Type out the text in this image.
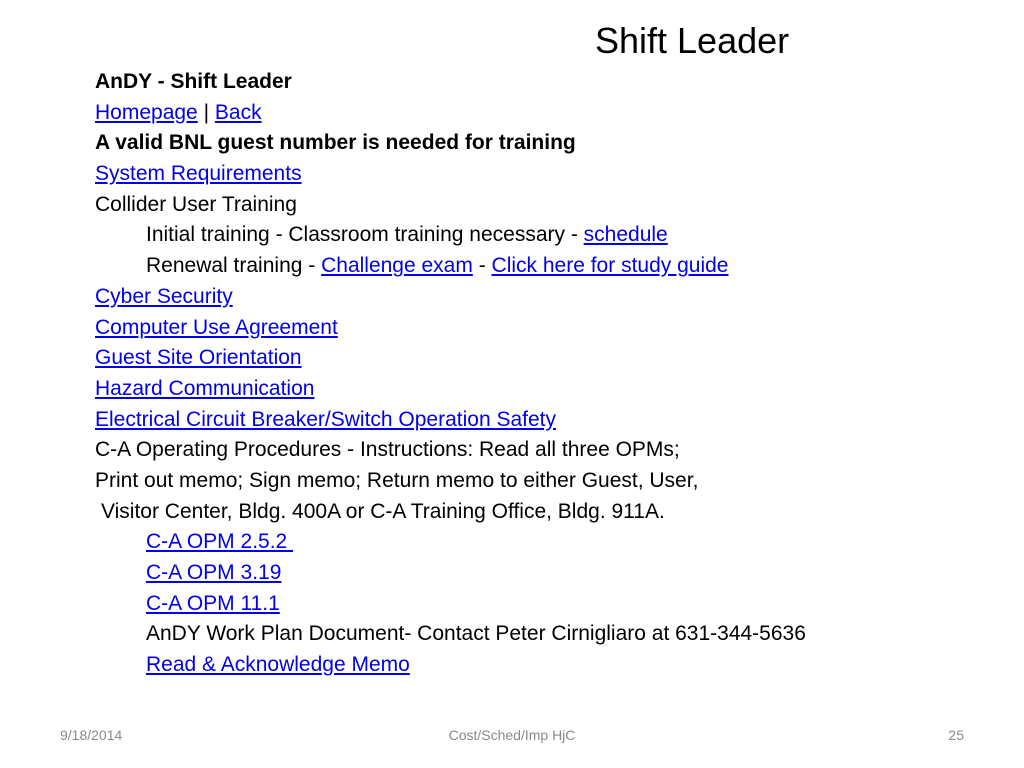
Shift Leader
AnDY - Shift Leader
Homepage | Back
A valid BNL guest number is needed for training
System Requirements
Collider User Training
Initial training - Classroom training necessary - schedule
Renewal training - Challenge exam - Click here for study guide
Cyber Security
Computer Use Agreement
Guest Site Orientation
Hazard Communication
Electrical Circuit Breaker/Switch Operation Safety
C-A Operating Procedures - Instructions: Read all three OPMs;
Print out memo; Sign memo; Return memo to either Guest, User,
Visitor Center, Bldg. 400A or C-A Training Office, Bldg. 911A.
C-A OPM 2.5.2
C-A OPM 3.19
C-A OPM 11.1
AnDY Work Plan Document- Contact Peter Cirnigliaro at 631-344-5636
Read & Acknowledge Memo
9/18/2014	Cost/Sched/Imp HjC	25
